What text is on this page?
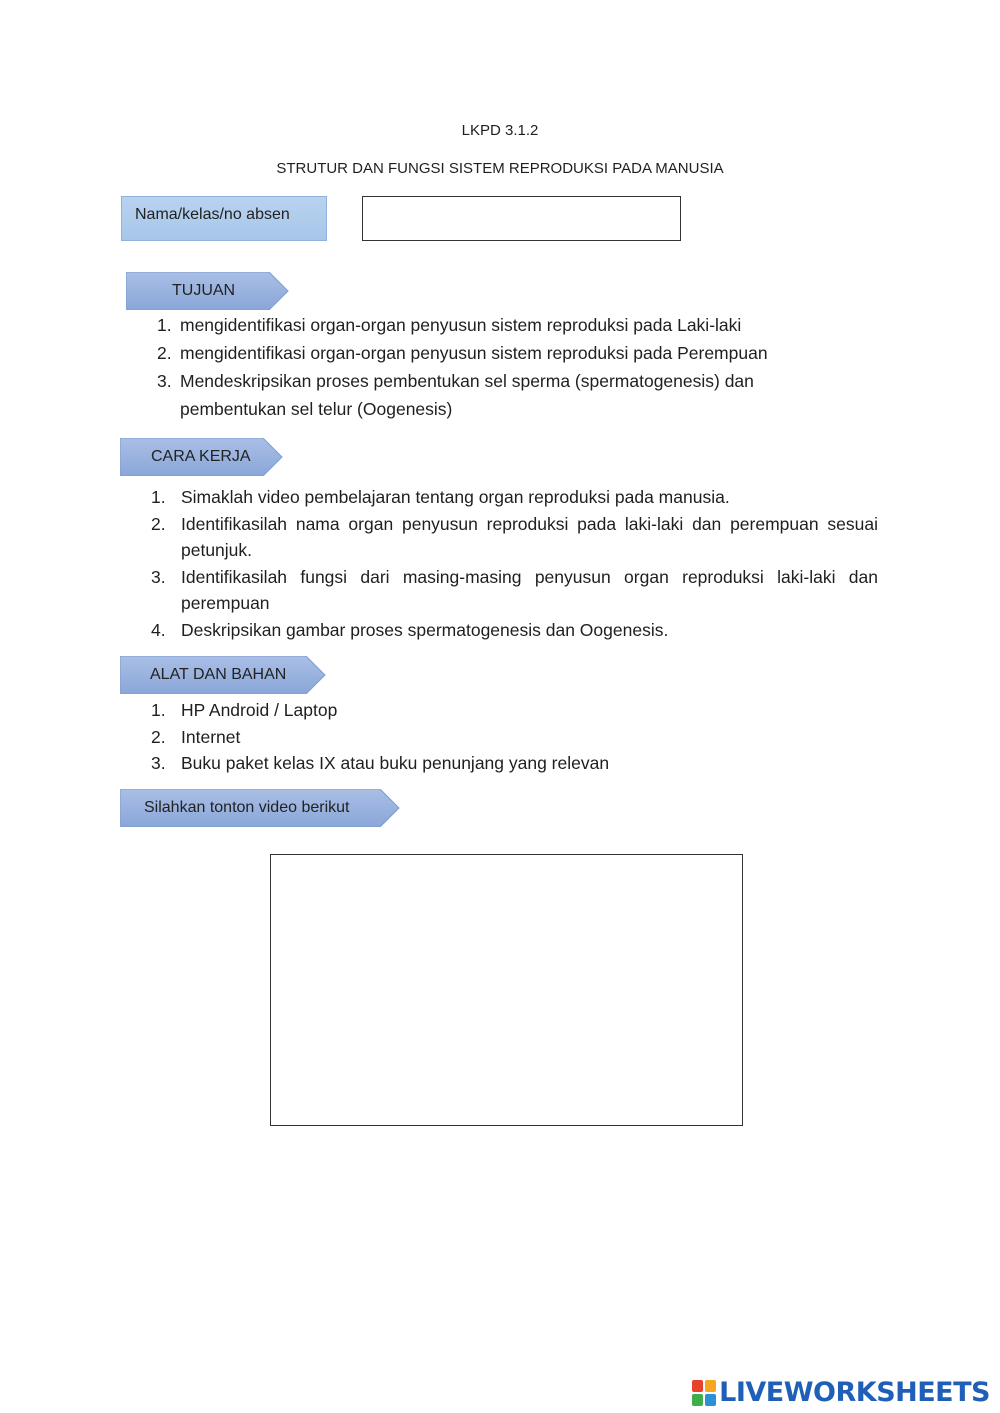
LKPD 3.1.2
STRUTUR DAN FUNGSI SISTEM REPRODUKSI PADA MANUSIA
Nama/kelas/no absen
TUJUAN
1. mengidentifikasi organ-organ penyusun sistem reproduksi pada Laki-laki
2. mengidentifikasi organ-organ penyusun sistem reproduksi pada Perempuan
3. Mendeskripsikan proses pembentukan sel sperma (spermatogenesis) dan pembentukan sel telur (Oogenesis)
CARA KERJA
1. Simaklah video pembelajaran tentang organ reproduksi pada manusia.
2. Identifikasilah nama organ penyusun reproduksi pada laki-laki dan perempuan sesuai petunjuk.
3. Identifikasilah fungsi dari masing-masing penyusun organ reproduksi laki-laki dan perempuan
4. Deskripsikan gambar proses spermatogenesis dan Oogenesis.
ALAT DAN BAHAN
1. HP Android / Laptop
2. Internet
3. Buku paket kelas IX atau buku penunjang yang relevan
Silahkan tonton video berikut
LIVEWORKSHEETS
